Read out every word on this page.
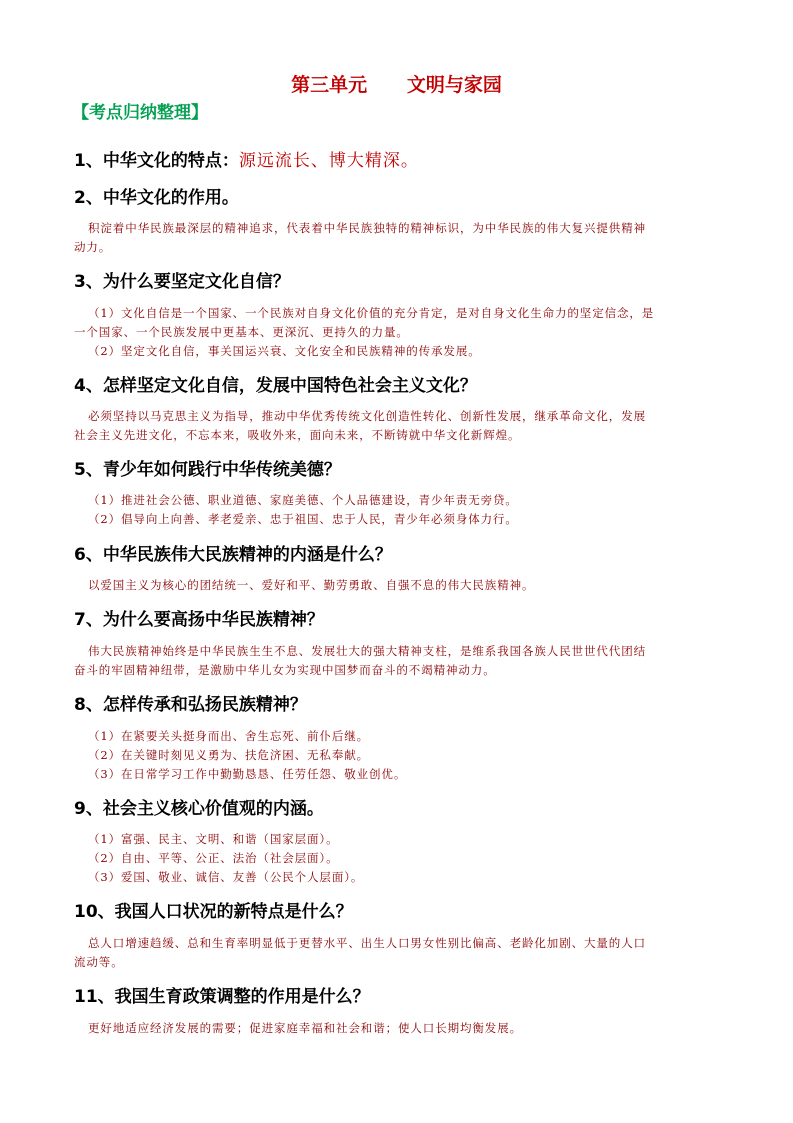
第三单元      文明与家园
【考点归纳整理】
1、中华文化的特点：源远流长、博大精深。
2、中华文化的作用。
积淀着中华民族最深层的精神追求，代表着中华民族独特的精神标识，为中华民族的伟大复兴提供精神
动力。
3、为什么要坚定文化自信？
（1）文化自信是一个国家、一个民族对自身文化价值的充分肯定，是对自身文化生命力的坚定信念，是
一个国家、一个民族发展中更基本、更深沉、更持久的力量。
（2）坚定文化自信，事关国运兴衰、文化安全和民族精神的传承发展。
4、怎样坚定文化自信，发展中国特色社会主义文化？
必须坚持以马克思主义为指导，推动中华优秀传统文化创造性转化、创新性发展，继承革命文化，发展
社会主义先进文化，不忘本来，吸收外来，面向未来，不断铸就中华文化新辉煌。
5、青少年如何践行中华传统美德？
（1）推进社会公德、职业道德、家庭美德、个人品德建设，青少年责无旁贷。
（2）倡导向上向善、孝老爱亲、忠于祖国、忠于人民，青少年必须身体力行。
6、中华民族伟大民族精神的内涵是什么？
以爱国主义为核心的团结统一、爱好和平、勤劳勇敢、自强不息的伟大民族精神。
7、为什么要高扬中华民族精神？
伟大民族精神始终是中华民族生生不息、发展壮大的强大精神支柱，是维系我国各族人民世世代代团结
奋斗的牢固精神纽带，是激励中华儿女为实现中国梦而奋斗的不竭精神动力。
8、怎样传承和弘扬民族精神？
（1）在紧要关头挺身而出、舍生忘死、前仆后继。
（2）在关键时刻见义勇为、扶危济困、无私奉献。
（3）在日常学习工作中勤勤恳恳、任劳任怨、敬业创优。
9、社会主义核心价值观的内涵。
（1）富强、民主、文明、和谐（国家层面）。
（2）自由、平等、公正、法治（社会层面）。
（3）爱国、敬业、诚信、友善（公民个人层面）。
10、我国人口状况的新特点是什么？
总人口增速趋缓、总和生育率明显低于更替水平、出生人口男女性别比偏高、老龄化加剧、大量的人口
流动等。
11、我国生育政策调整的作用是什么？
更好地适应经济发展的需要；促进家庭幸福和社会和谐；使人口长期均衡发展。
